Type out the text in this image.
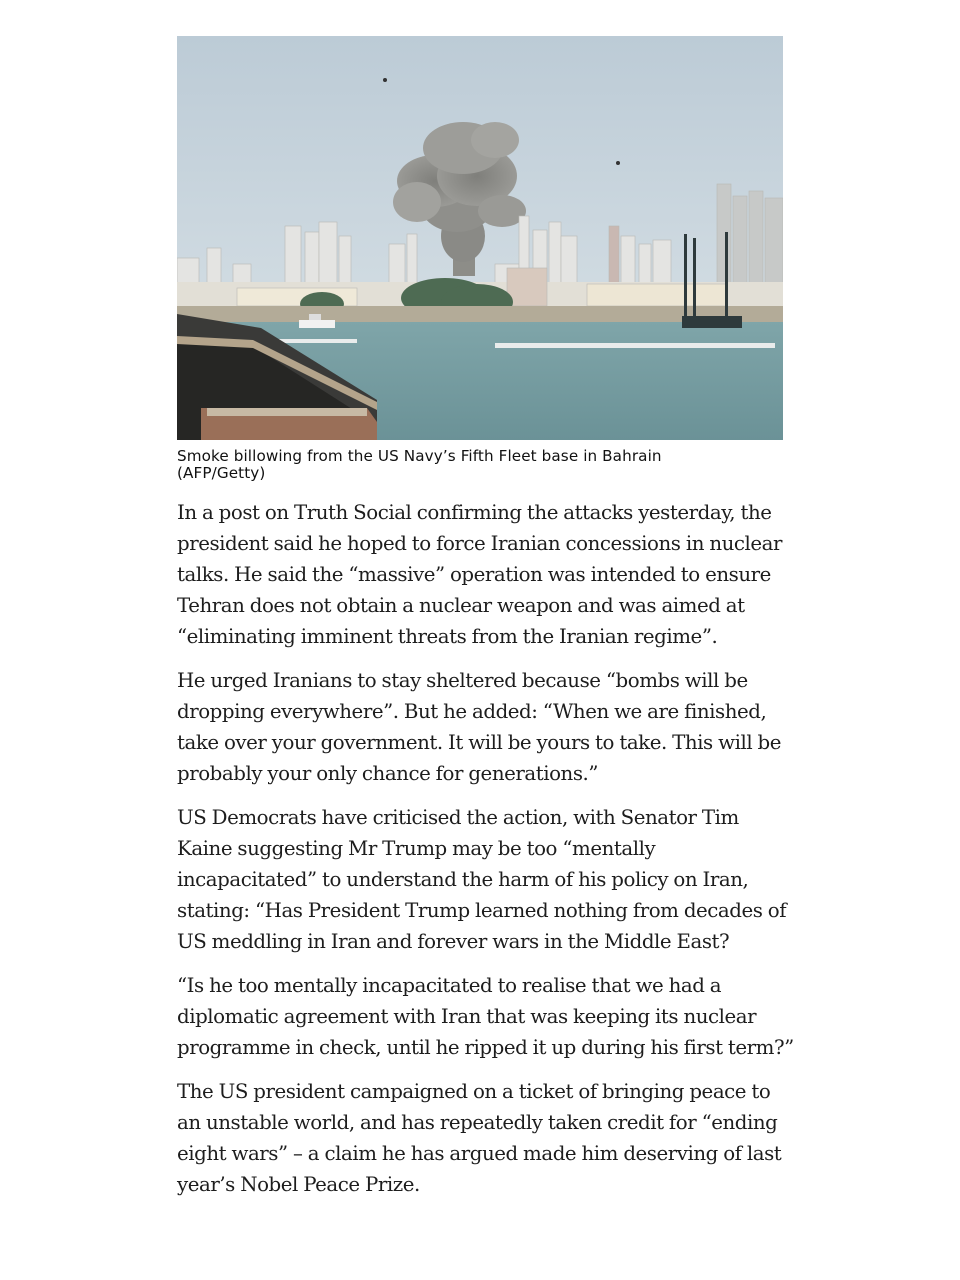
Smoke billowing from the US Navy’s Fifth Fleet base in Bahrain
(AFP/Getty)

In a post on Truth Social confirming the attacks yesterday, the
president said he hoped to force Iranian concessions in nuclear
talks. He said the “massive” operation was intended to ensure
Tehran does not obtain a nuclear weapon and was aimed at
“eliminating imminent threats from the Iranian regime”.

He urged Iranians to stay sheltered because “bombs will be
dropping everywhere”. But he added: “When we are finished,
take over your government. It will be yours to take. This will be
probably your only chance for generations.”

US Democrats have criticised the action, with Senator Tim
Kaine suggesting Mr Trump may be too “mentally
incapacitated” to understand the harm of his policy on Iran,
stating: “Has President Trump learned nothing from decades of
US meddling in Iran and forever wars in the Middle East?

“Is he too mentally incapacitated to realise that we had a
diplomatic agreement with Iran that was keeping its nuclear
programme in check, until he ripped it up during his first term?”

The US president campaigned on a ticket of bringing peace to
an unstable world, and has repeatedly taken credit for “ending
eight wars” – a claim he has argued made him deserving of last
year’s Nobel Peace Prize.
